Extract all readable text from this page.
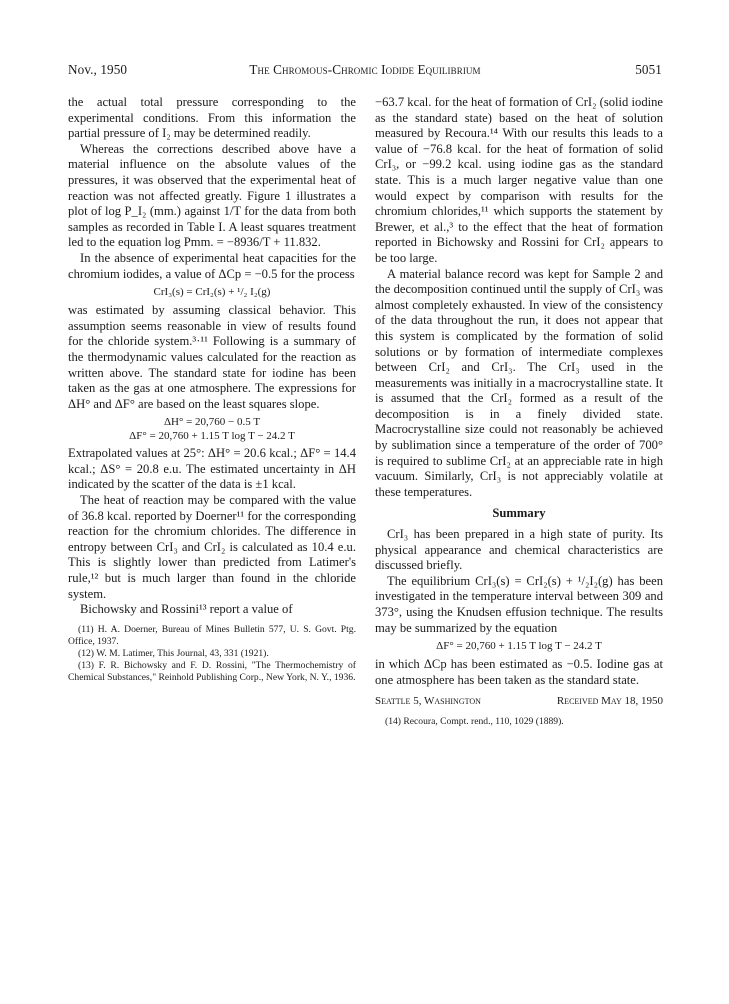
Nov., 1950	The Chromous-Chromic Iodide Equilibrium	5051

the actual total pressure corresponding to the experimental conditions. From this information the partial pressure of I₂ may be determined readily.

Whereas the corrections described above have a material influence on the absolute values of the pressures, it was observed that the experimental heat of reaction was not affected greatly. Figure 1 illustrates a plot of log P_I₂ (mm.) against 1/T for the data from both samples as recorded in Table I. A least squares treatment led to the equation log Pmm. = −8936/T + 11.832.

In the absence of experimental heat capacities for the chromium iodides, a value of ΔCp = −0.5 for the process

CrI₃(s) = CrI₂(s) + ¹/₂ I₂(g)

was estimated by assuming classical behavior. This assumption seems reasonable in view of results found for the chloride system.³·¹¹ Following is a summary of the thermodynamic values calculated for the reaction as written above. The standard state for iodine has been taken as the gas at one atmosphere. The expressions for ΔH° and ΔF° are based on the least squares slope.

ΔH° = 20,760 − 0.5 T
ΔF° = 20,760 + 1.15 T log T − 24.2 T

Extrapolated values at 25°: ΔH° = 20.6 kcal.; ΔF° = 14.4 kcal.; ΔS° = 20.8 e.u. The estimated uncertainty in ΔH indicated by the scatter of the data is ±1 kcal.

The heat of reaction may be compared with the value of 36.8 kcal. reported by Doerner¹¹ for the corresponding reaction for the chromium chlorides. The difference in entropy between CrI₃ and CrI₂ is calculated as 10.4 e.u. This is slightly lower than predicted from Latimer's rule,¹² but is much larger than found in the chloride system.

Bichowsky and Rossini¹³ report a value of

(11) H. A. Doerner, Bureau of Mines Bulletin 577, U. S. Govt. Ptg. Office, 1937.
(12) W. M. Latimer, This Journal, 43, 331 (1921).
(13) F. R. Bichowsky and F. D. Rossini, "The Thermochemistry of Chemical Substances," Reinhold Publishing Corp., New York, N. Y., 1936.

−63.7 kcal. for the heat of formation of CrI₂ (solid iodine as the standard state) based on the heat of solution measured by Recoura.¹⁴ With our results this leads to a value of −76.8 kcal. for the heat of formation of solid CrI₃, or −99.2 kcal. using iodine gas as the standard state. This is a much larger negative value than one would expect by comparison with results for the chromium chlorides,¹¹ which supports the statement by Brewer, et al.,³ to the effect that the heat of formation reported in Bichowsky and Rossini for CrI₂ appears to be too large.

A material balance record was kept for Sample 2 and the decomposition continued until the supply of CrI₃ was almost completely exhausted. In view of the consistency of the data throughout the run, it does not appear that this system is complicated by the formation of solid solutions or by formation of intermediate complexes between CrI₂ and CrI₃. The CrI₃ used in the measurements was initially in a macrocrystalline state. It is assumed that the CrI₂ formed as a result of the decomposition is in a finely divided state. Macrocrystalline size could not reasonably be achieved by sublimation since a temperature of the order of 700° is required to sublime CrI₂ at an appreciable rate in high vacuum. Similarly, CrI₃ is not appreciably volatile at these temperatures.

Summary

CrI₃ has been prepared in a high state of purity. Its physical appearance and chemical characteristics are discussed briefly.

The equilibrium CrI₃(s) = CrI₂(s) + ¹/₂I₂(g) has been investigated in the temperature interval between 309 and 373°, using the Knudsen effusion technique. The results may be summarized by the equation

ΔF° = 20,760 + 1.15 T log T − 24.2 T

in which ΔCp has been estimated as −0.5. Iodine gas at one atmosphere has been taken as the standard state.

Seattle 5, Washington	Received May 18, 1950
(14) Recoura, Compt. rend., 110, 1029 (1889).
